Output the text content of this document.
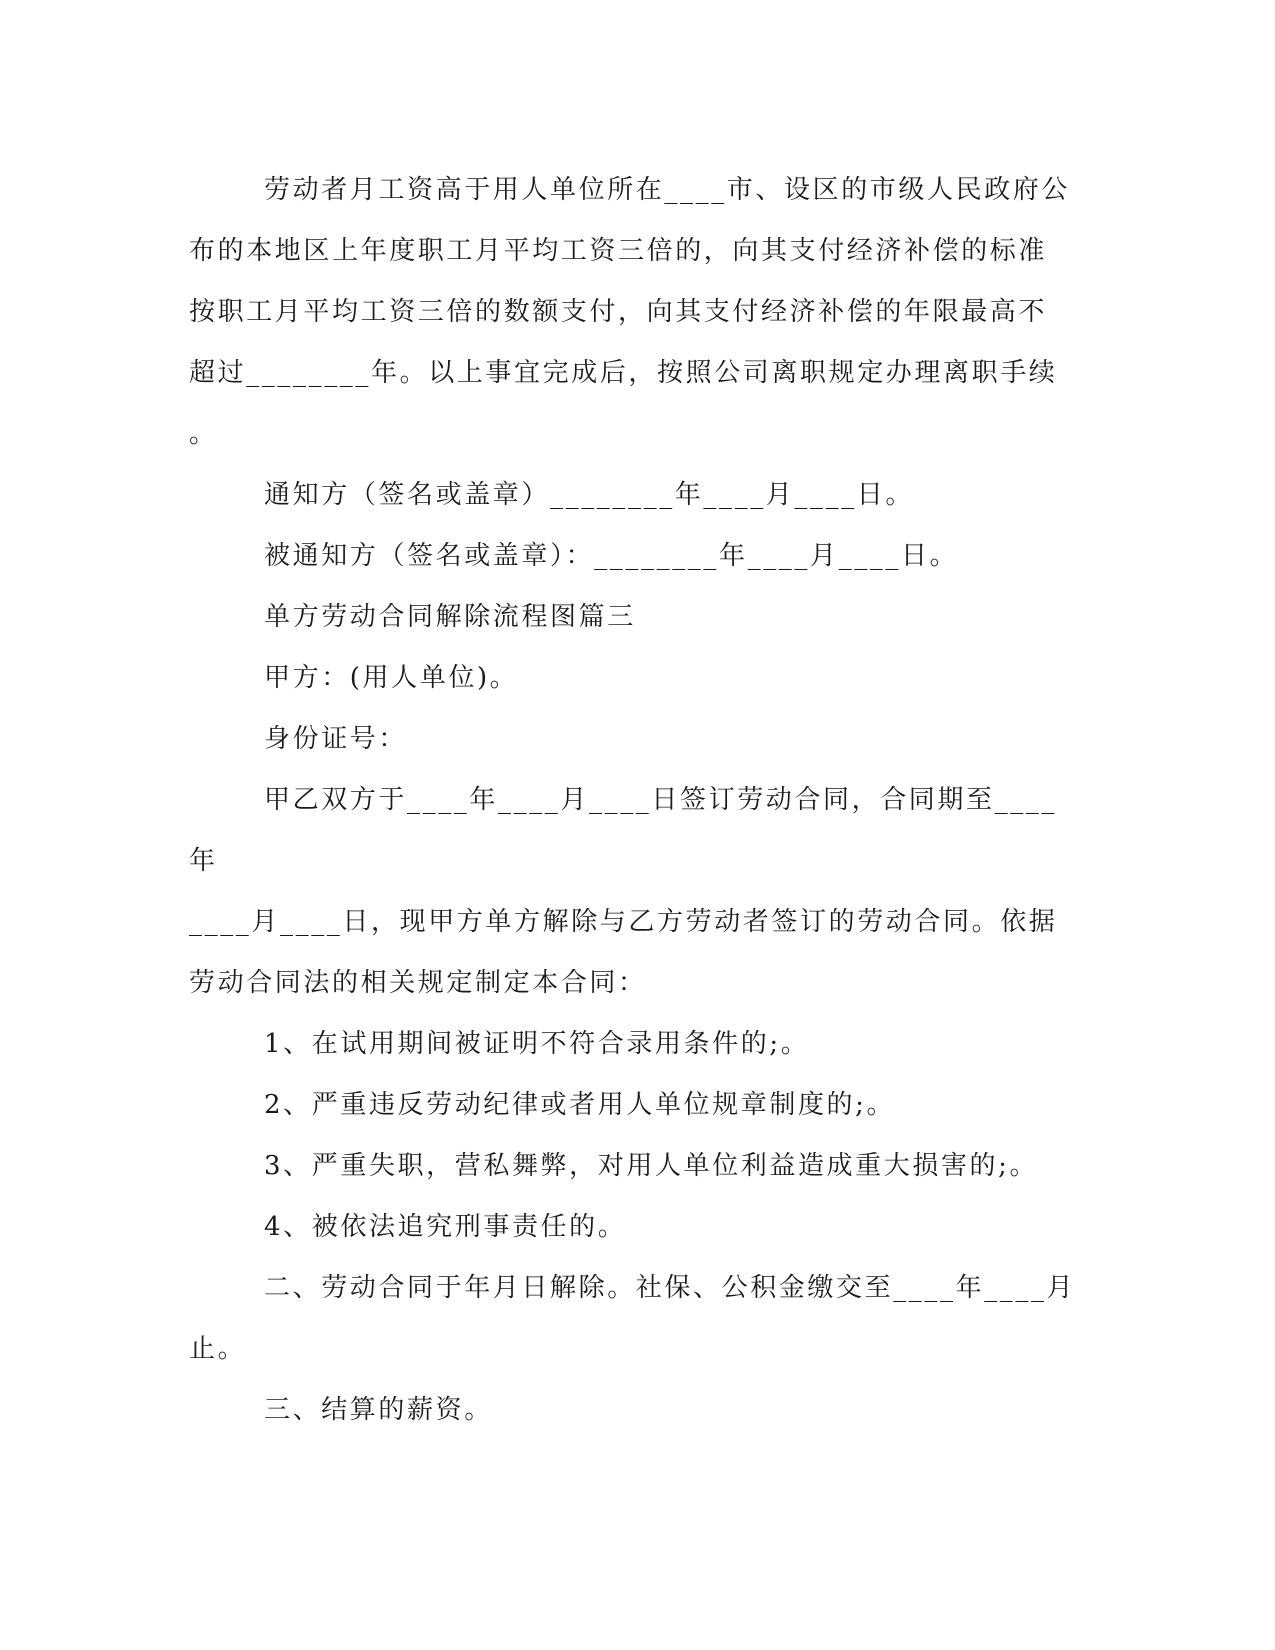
劳动者月工资高于用人单位所在____市、设区的市级人民政府公

布的本地区上年度职工月平均工资三倍的，向其支付经济补偿的标准

按职工月平均工资三倍的数额支付，向其支付经济补偿的年限最高不

超过________年。以上事宜完成后，按照公司离职规定办理离职手续

。

通知方（签名或盖章）________年____月____日。

被通知方（签名或盖章）：________年____月____日。

单方劳动合同解除流程图篇三

甲方：(用人单位)。

身份证号：

甲乙双方于____年____月____日签订劳动合同，合同期至____年

____月____日，现甲方单方解除与乙方劳动者签订的劳动合同。依据

劳动合同法的相关规定制定本合同：

1、在试用期间被证明不符合录用条件的;。

2、严重违反劳动纪律或者用人单位规章制度的;。

3、严重失职，营私舞弊，对用人单位利益造成重大损害的;。

4、被依法追究刑事责任的。

二、劳动合同于年月日解除。社保、公积金缴交至____年____月

止。

三、结算的薪资。
